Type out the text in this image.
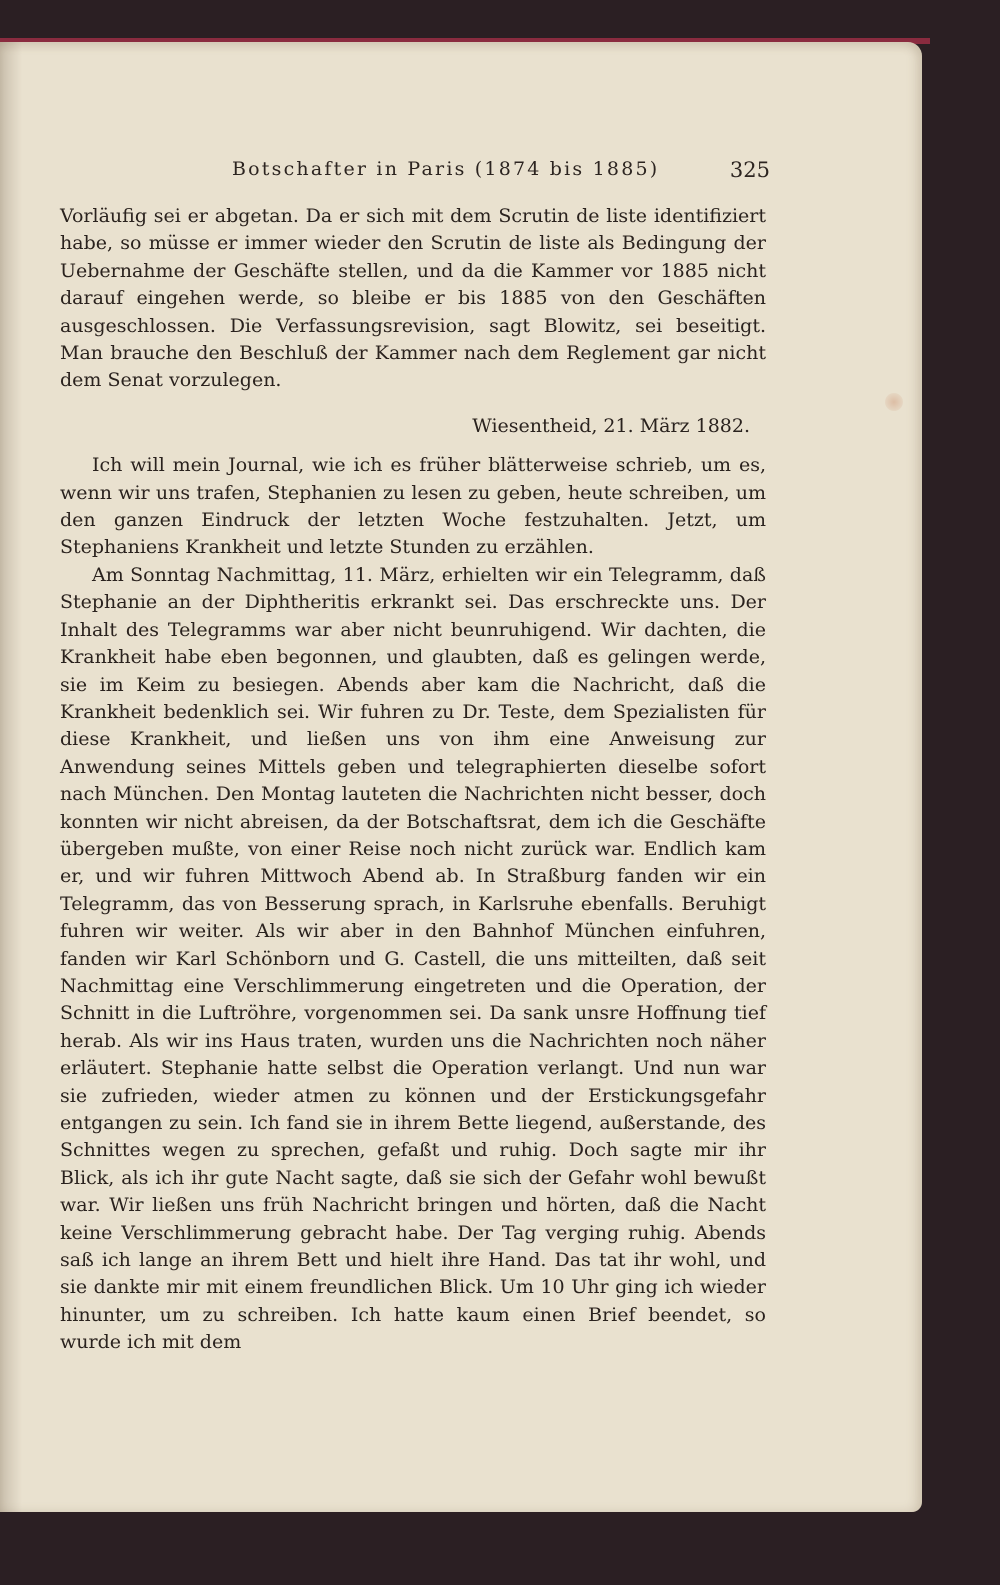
Botschafter in Paris (1874 bis 1885)	325

Vorläufig sei er abgetan. Da er sich mit dem Scrutin de liste identifiziert habe, so müsse er immer wieder den Scrutin de liste als Bedingung der Uebernahme der Geschäfte stellen, und da die Kammer vor 1885 nicht darauf eingehen werde, so bleibe er bis 1885 von den Geschäften ausgeschlossen. Die Verfassungsrevision, sagt Blowitz, sei beseitigt. Man brauche den Beschluß der Kammer nach dem Reglement gar nicht dem Senat vorzulegen.

Wiesentheid, 21. März 1882.

Ich will mein Journal, wie ich es früher blätterweise schrieb, um es, wenn wir uns trafen, Stephanien zu lesen zu geben, heute schreiben, um den ganzen Eindruck der letzten Woche festzuhalten. Jetzt, um Stephaniens Krankheit und letzte Stunden zu erzählen.

Am Sonntag Nachmittag, 11. März, erhielten wir ein Telegramm, daß Stephanie an der Diphtheritis erkrankt sei. Das erschreckte uns. Der Inhalt des Telegramms war aber nicht beunruhigend. Wir dachten, die Krankheit habe eben begonnen, und glaubten, daß es gelingen werde, sie im Keim zu besiegen. Abends aber kam die Nachricht, daß die Krankheit bedenklich sei. Wir fuhren zu Dr. Teste, dem Spezialisten für diese Krankheit, und ließen uns von ihm eine Anweisung zur Anwendung seines Mittels geben und telegraphierten dieselbe sofort nach München. Den Montag lauteten die Nachrichten nicht besser, doch konnten wir nicht abreisen, da der Botschaftsrat, dem ich die Geschäfte übergeben mußte, von einer Reise noch nicht zurück war. Endlich kam er, und wir fuhren Mittwoch Abend ab. In Straßburg fanden wir ein Telegramm, das von Besserung sprach, in Karlsruhe ebenfalls. Beruhigt fuhren wir weiter. Als wir aber in den Bahnhof München einfuhren, fanden wir Karl Schönborn und G. Castell, die uns mitteilten, daß seit Nachmittag eine Verschlimmerung eingetreten und die Operation, der Schnitt in die Luftröhre, vorgenommen sei. Da sank unsre Hoffnung tief herab. Als wir ins Haus traten, wurden uns die Nachrichten noch näher erläutert. Stephanie hatte selbst die Operation verlangt. Und nun war sie zufrieden, wieder atmen zu können und der Erstickungsgefahr entgangen zu sein. Ich fand sie in ihrem Bette liegend, außerstande, des Schnittes wegen zu sprechen, gefaßt und ruhig. Doch sagte mir ihr Blick, als ich ihr gute Nacht sagte, daß sie sich der Gefahr wohl bewußt war. Wir ließen uns früh Nachricht bringen und hörten, daß die Nacht keine Verschlimmerung gebracht habe. Der Tag verging ruhig. Abends saß ich lange an ihrem Bett und hielt ihre Hand. Das tat ihr wohl, und sie dankte mir mit einem freundlichen Blick. Um 10 Uhr ging ich wieder hinunter, um zu schreiben. Ich hatte kaum einen Brief beendet, so wurde ich mit dem
